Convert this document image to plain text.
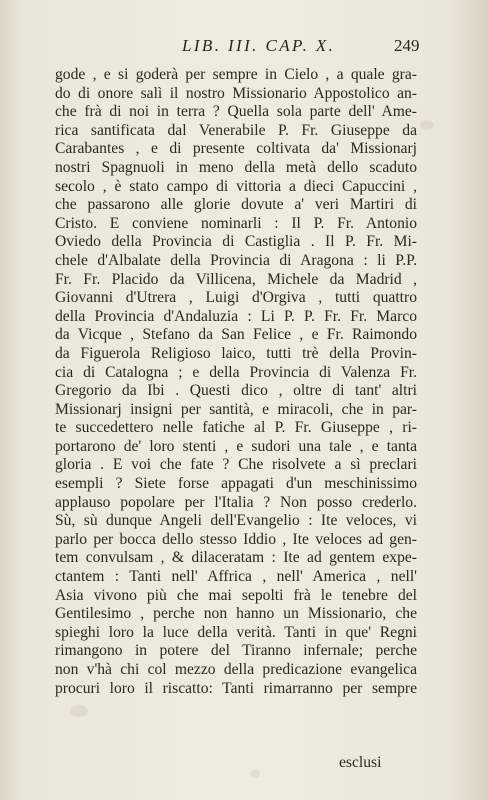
LIB. III. CAP. X.	249
gode , e si goderà per sempre in Cielo , a quale gra-
do di onore salì il nostro Missionario Appostolico an-
che frà di noi in terra ? Quella sola parte dell' Ame-
rica santificata dal Venerabile P. Fr. Giuseppe da
Carabantes , e di presente coltivata da' Missionarj
nostri Spagnuoli in meno della metà dello scaduto
secolo , è stato campo di vittoria a dieci Capuccini ,
che passarono alle glorie dovute a' veri Martiri di
Cristo. E conviene nominarli : Il P. Fr. Antonio
Oviedo della Provincia di Castiglia . Il P. Fr. Mi-
chele d'Albalate della Provincia di Aragona : li P.P.
Fr. Fr. Placido da Villicena, Michele da Madrid ,
Giovanni d'Utrera , Luigi d'Orgiva , tutti quattro
della Provincia d'Andaluzia : Li P. P. Fr. Fr. Marco
da Vicque , Stefano da San Felice , e Fr. Raimondo
da Figuerola Religioso laico, tutti trè della Provin-
cia di Catalogna ; e della Provincia di Valenza Fr.
Gregorio da Ibi . Questi dico , oltre di tant' altri
Missionarj insigni per santità, e miracoli, che in par-
te succedettero nelle fatiche al P. Fr. Giuseppe , ri-
portarono de' loro stenti , e sudori una tale , e tanta
gloria . E voi che fate ? Che risolvete a sì preclari
esempli ? Siete forse appagati d'un meschinissimo
applauso popolare per l'Italia ? Non posso crederlo.
Sù, sù dunque Angeli dell'Evangelio : Ite veloces, vi
parlo per bocca dello stesso Iddio , Ite veloces ad gen-
tem convulsam , & dilaceratam : Ite ad gentem expe-
ctantem : Tanti nell' Affrica , nell' America , nell'
Asia vivono più che mai sepolti frà le tenebre del
Gentilesimo , perche non hanno un Missionario, che
spieghi loro la luce della verità. Tanti in que' Regni
rimangono in potere del Tiranno infernale; perche
non v'hà chi col mezzo della predicazione evangelica
procuri loro il riscatto: Tanti rimarranno per sempre
esclusi
